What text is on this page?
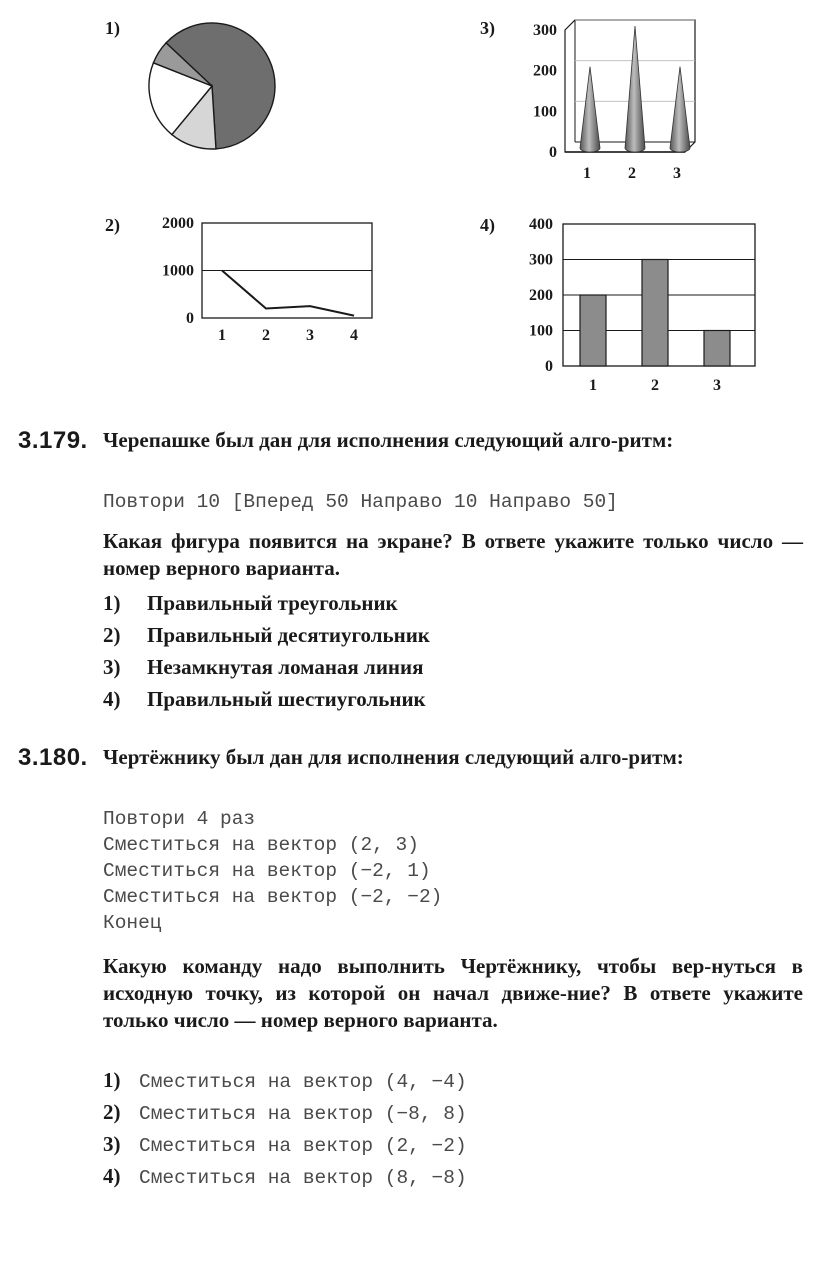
1)
2)
3)
4)
2000
1000
0
1 2 3 4
300
200
100
0
1 2 3
400
300
200
100
0
1	2	3
3.179. Черепашке был дан для исполнения следующий алго-ритм:
Повтори 10 [Вперед 50 Направо 10 Направо 50]
Какая фигура появится на экране? В ответе укажите только число — номер верного варианта.
1) Правильный треугольник
2) Правильный десятиугольник
3) Незамкнутая ломаная линия
4) Правильный шестиугольник
3.180. Чертёжнику был дан для исполнения следующий алго-ритм:
Повтори 4 раз
Сместиться на вектор (2, 3)
Сместиться на вектор (−2, 1)
Сместиться на вектор (−2, −2)
Конец
Какую команду надо выполнить Чертёжнику, чтобы вер-нуться в исходную точку, из которой он начал движе-ние? В ответе укажите только число — номер верного варианта.
1) Сместиться на вектор (4, −4)
2) Сместиться на вектор (−8, 8)
3) Сместиться на вектор (2, −2)
4) Сместиться на вектор (8, −8)
